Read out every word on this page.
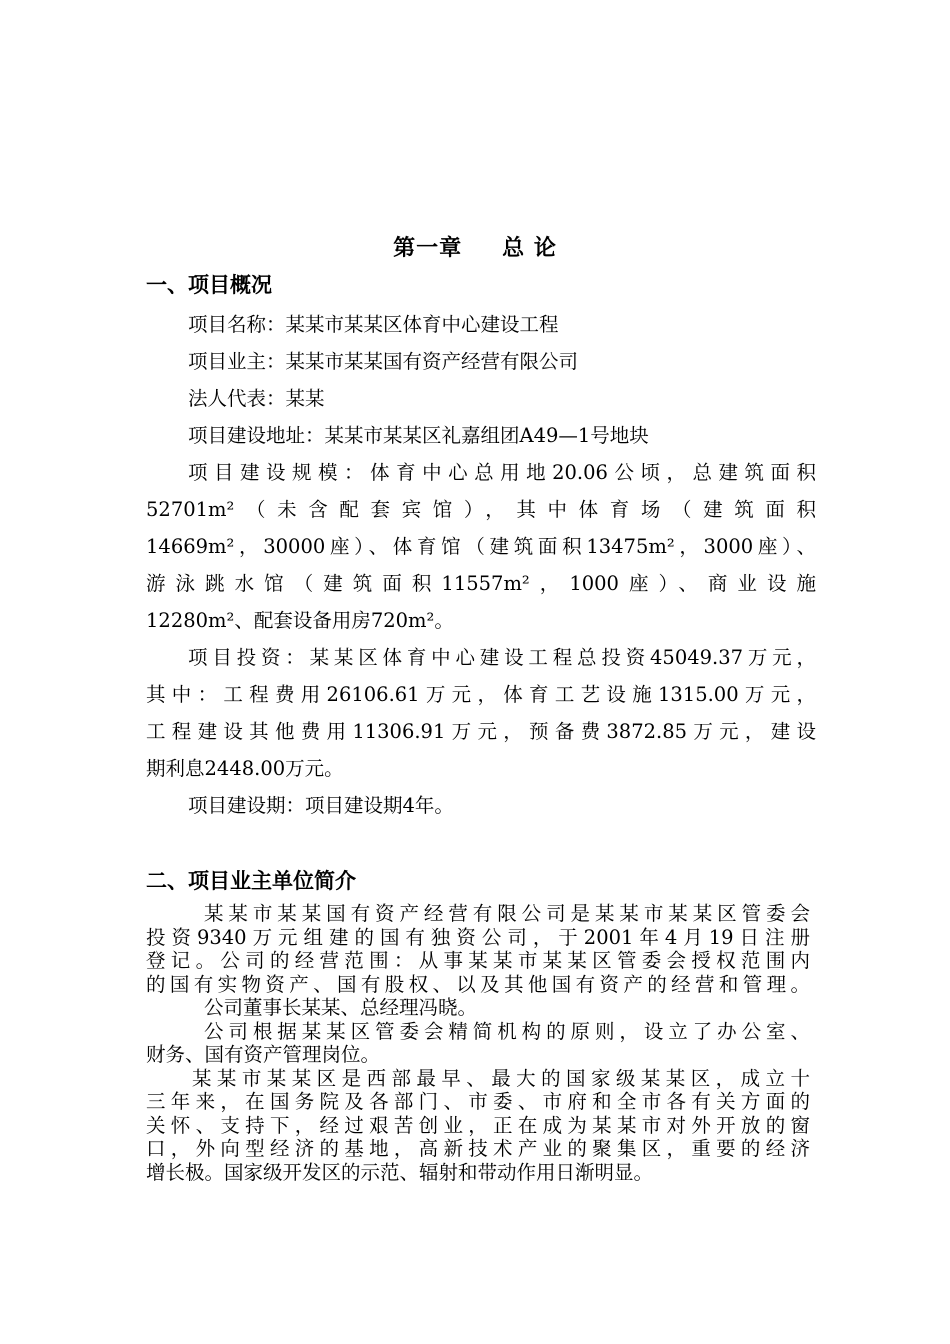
第一章 总 论
一、项目概况

项目名称：某某市某某区体育中心建设工程

项目业主：某某市某某国有资产经营有限公司

法人代表：某某

项目建设地址：某某市某某区礼嘉组团A49—1号地块

项目建设规模：体育中心总用地20.06公顷，总建筑面积

52701m²（未含配套宾馆），其中体育场（建筑面积

14669m²，30000座）、体育馆（建筑面积13475m²，3000座）、

游泳跳水馆（建筑面积11557m²，1000座）、商业设施

12280m²、配套设备用房720m²。

项目投资：某某区体育中心建设工程总投资45049.37万元，

其中：工程费用26106.61万元，体育工艺设施1315.00万元，

工程建设其他费用11306.91万元，预备费3872.85万元，建设

期利息2448.00万元。

项目建设期：项目建设期4年。

二、项目业主单位简介

某某市某某国有资产经营有限公司是某某市某某区管委会

投资9340万元组建的国有独资公司，于2001年4月19日注册

登记。公司的经营范围：从事某某市某某区管委会授权范围内

的国有实物资产、国有股权、以及其他国有资产的经营和管理。

公司董事长某某、总经理冯晓。

公司根据某某区管委会精简机构的原则，设立了办公室、

财务、国有资产管理岗位。

某某市某某区是西部最早、最大的国家级某某区，成立十

三年来，在国务院及各部门、市委、市府和全市各有关方面的

关怀、支持下，经过艰苦创业，正在成为某某市对外开放的窗

口，外向型经济的基地，高新技术产业的聚集区，重要的经济

增长极。国家级开发区的示范、辐射和带动作用日渐明显。
